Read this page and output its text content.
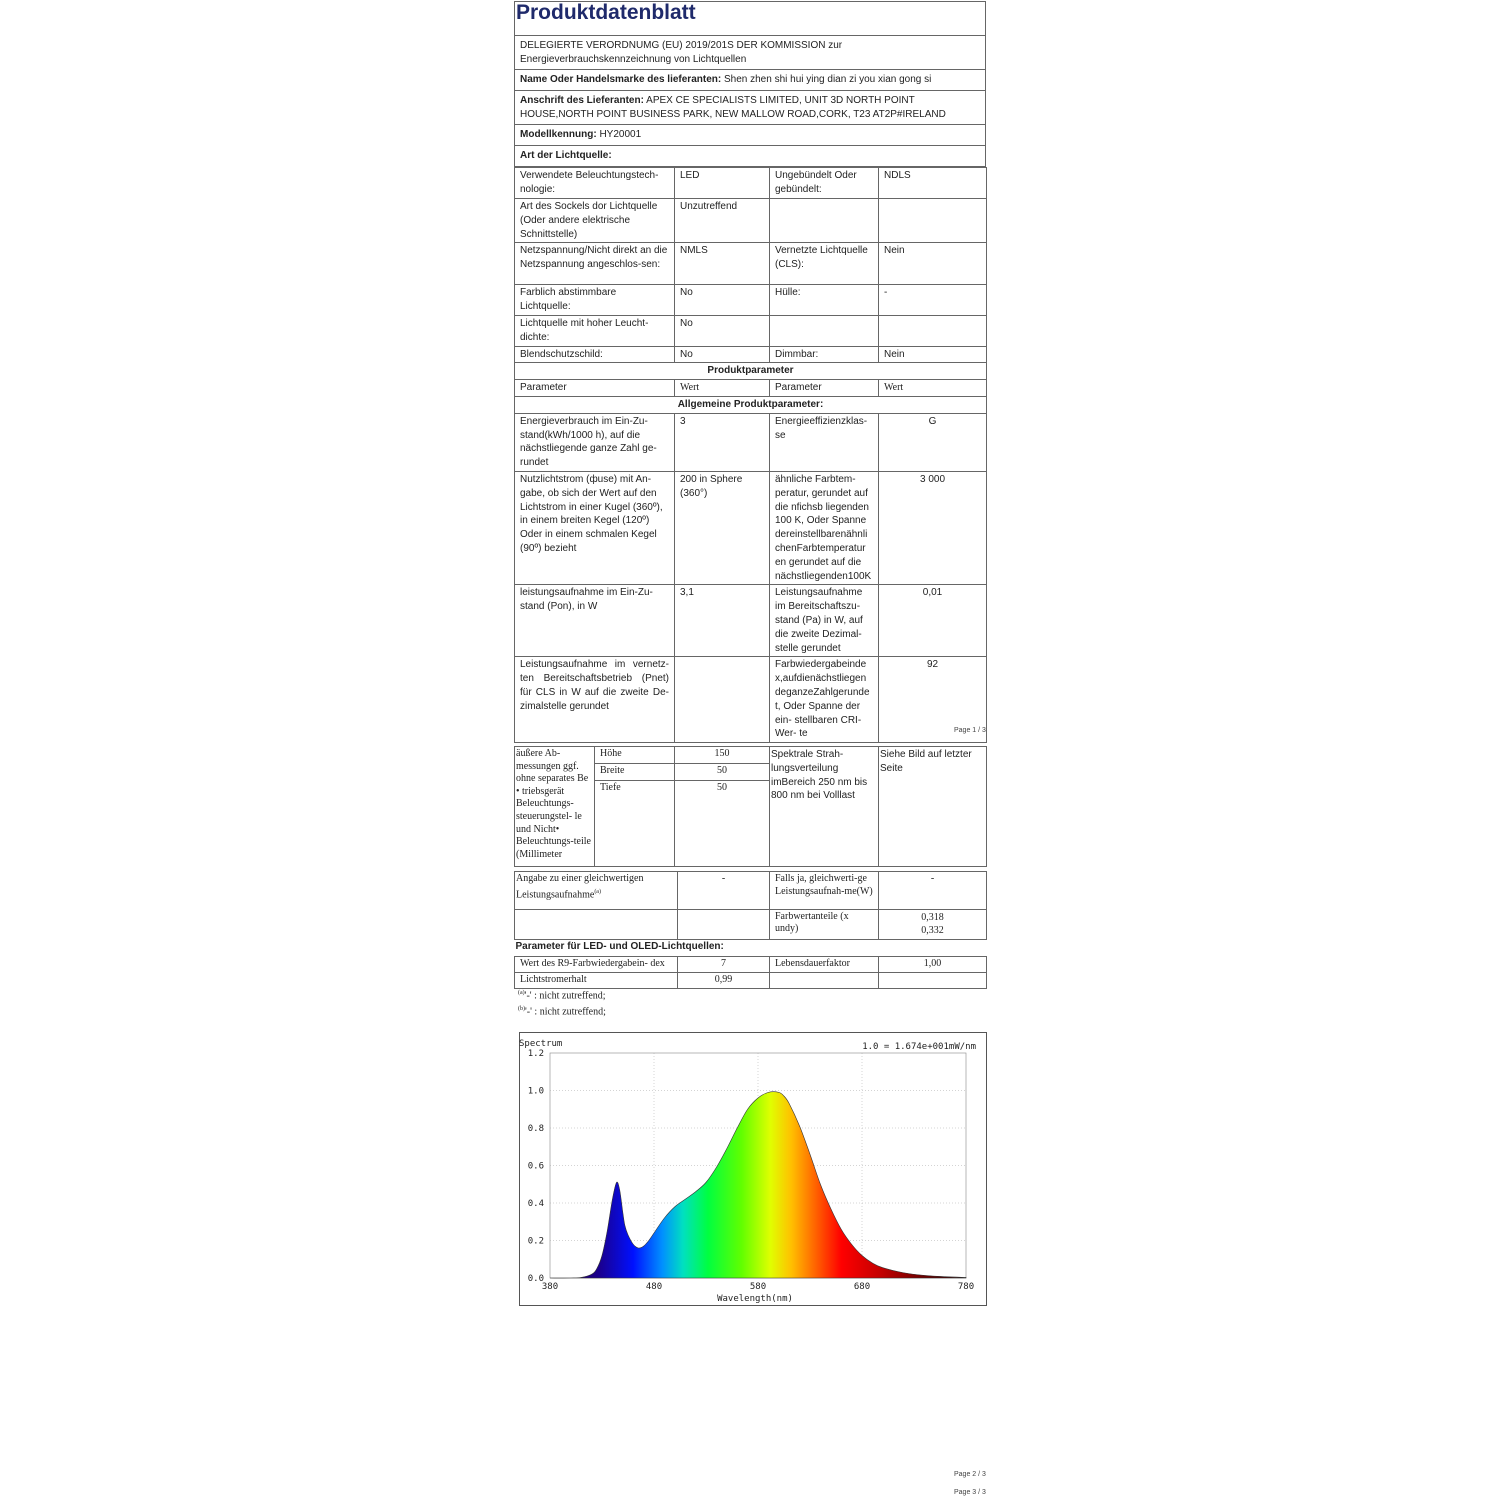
Produktdatenblatt
DELEGIERTE VERORDNUMG (EU) 2019/201S DER KOMMISSION zur Energieverbrauchskennzeichnung von Lichtquellen
Name Oder Handelsmarke des lieferanten: Shen zhen shi hui ying dian zi you xian gong si
Anschrift des Lieferanten: APEX CE SPECIALISTS LIMITED, UNIT 3D NORTH POINT HOUSE,NORTH POINT BUSINESS PARK, NEW MALLOW ROAD,CORK, T23 AT2P#IRELAND
Modellkennung: HY20001
Art der Lichtquelle:
Verwendete Beleuchtungstech-nologie:	LED	Ungebündelt Oder gebündelt:	NDLS
Art des Sockels dor Lichtquelle (Oder andere elektrische Schnittstelle)	Unzutreffend		
Netzspannung/Nicht direkt an die Netzspannung angeschlos-sen:	NMLS	Vernetzte Lichtquelle (CLS):	Nein
Farblich abstimmbare Lichtquelle:	No	Hülle:	-
Lichtquelle mit hoher Leucht-dichte:	No		
Blendschutzschild:	No	Dimmbar:	Nein
Produktparameter			
Parameter	Wert	Parameter	Wert
Allgemeine Produktparameter:			
Energieverbrauch im Ein-Zu-stand(kWh/1000 h), auf die nächstliegende ganze Zahl ge-rundet	3	Energieeffizienzklas-se	G
Nutzlichtstrom (фuse) mit An-gabe, ob sich der Wert auf den Lichtstrom in einer Kugel (360º), in einem breiten Kegel (120º) Oder in einem schmalen Kegel (90º) bezieht	200 in Sphere (360°)	ähnliche Farbtem-peratur, gerundet auf die nfichsb liegenden 100 K, Oder Spanne dereinstellbarenähnli chenFarbtemperatur en gerundet auf die nächstliegenden100K	3 000
leistungsaufnahme im Ein-Zu-stand (Pon), in W	3,1	Leistungsaufnahme im Bereitschaftszu-stand (Pa) in W, auf die zweite Dezimal-stelle gerundet	0,01
Leistungsaufnahme im vernetz-ten Bereitschaftsbetrieb (Pnet) für CLS in W auf die zweite De-zimalstelle gerundet		Farbwiedergabeinde x,aufdienächstliegen deganzeZahlgerunde t, Oder Spanne der ein- stellbaren CRI-Wer- te	92
Page 1 / 3
äußere Ab-messungen ggf. ohne separates Be • triebsgerät Beleuchtungs-steuerungstel- le und Nicht• Beleuchtungs-teile (Millimeter	Höhe	150	Spektrale Strah-lungsverteilung imBereich 250 nm bis 800 nm bei Volllast	Siehe Bild auf letzter Seite
	Breite	50		
	Tiefe	50		
Angabe zu einer gleichwertigen Leistungsaufnahme$^{(a)}$	-	Falls ja, gleichwerti-ge Leistungsaufnah-me(W)	-
		Farbwertanteile (x undy)	0,318
0,332

Parameter für LED- und OLED-Lichtquellen:			
Wert des R9-Farbwiedergabein- dex	7	Lebensdauerfaktor	1,00
Lichtstromerhalt	0,99		
$^{(a)}$'-' : nicht zutreffend;
$^{(b)}$'-' : nicht zutreffend;
0.0
0.2
0.4
0.6
0.8
1.0
1.2
380	480	580	680	780
Spectrum	1.0 = 1.674e+001mW/nm
Wavelength(nm)
Page 2 / 3
Page 3 / 3
